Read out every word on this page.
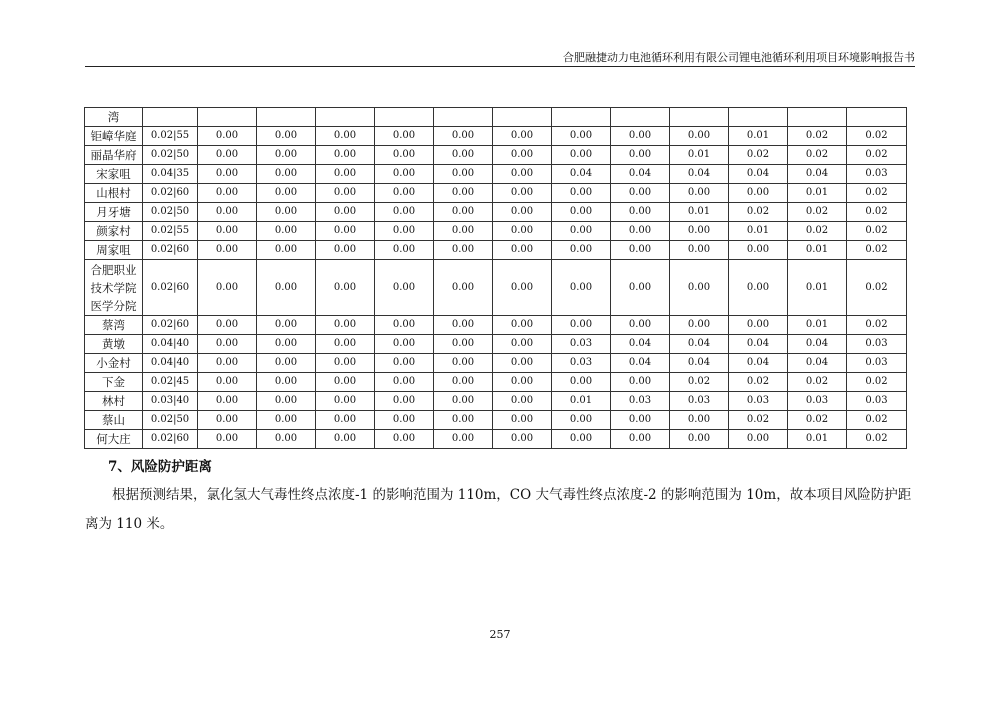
合肥融捷动力电池循环利用有限公司锂电池循环利用项目环境影响报告书
湾													
钜嶂华庭	0.02|55	0.00	0.00	0.00	0.00	0.00	0.00	0.00	0.00	0.00	0.01	0.02	0.02
丽晶华府	0.02|50	0.00	0.00	0.00	0.00	0.00	0.00	0.00	0.00	0.01	0.02	0.02	0.02
宋家咀	0.04|35	0.00	0.00	0.00	0.00	0.00	0.00	0.04	0.04	0.04	0.04	0.04	0.03
山根村	0.02|60	0.00	0.00	0.00	0.00	0.00	0.00	0.00	0.00	0.00	0.00	0.01	0.02
月牙塘	0.02|50	0.00	0.00	0.00	0.00	0.00	0.00	0.00	0.00	0.01	0.02	0.02	0.02
颜家村	0.02|55	0.00	0.00	0.00	0.00	0.00	0.00	0.00	0.00	0.00	0.01	0.02	0.02
周家咀	0.02|60	0.00	0.00	0.00	0.00	0.00	0.00	0.00	0.00	0.00	0.00	0.01	0.02
合肥职业
技术学院
医学分院	0.02|60	0.00	0.00	0.00	0.00	0.00	0.00	0.00	0.00	0.00	0.00	0.01	0.02
蔡湾	0.02|60	0.00	0.00	0.00	0.00	0.00	0.00	0.00	0.00	0.00	0.00	0.01	0.02
黄墩	0.04|40	0.00	0.00	0.00	0.00	0.00	0.00	0.03	0.04	0.04	0.04	0.04	0.03
小金村	0.04|40	0.00	0.00	0.00	0.00	0.00	0.00	0.03	0.04	0.04	0.04	0.04	0.03
下金	0.02|45	0.00	0.00	0.00	0.00	0.00	0.00	0.00	0.00	0.02	0.02	0.02	0.02
林村	0.03|40	0.00	0.00	0.00	0.00	0.00	0.00	0.01	0.03	0.03	0.03	0.03	0.03
蔡山	0.02|50	0.00	0.00	0.00	0.00	0.00	0.00	0.00	0.00	0.00	0.02	0.02	0.02
何大庄	0.02|60	0.00	0.00	0.00	0.00	0.00	0.00	0.00	0.00	0.00	0.00	0.01	0.02
7、风险防护距离
根据预测结果，氯化氢大气毒性终点浓度-1 的影响范围为 110m，CO 大气毒性终点浓度-2 的影响范围为 10m，故本项目风险防护距离为 110 米。
257
